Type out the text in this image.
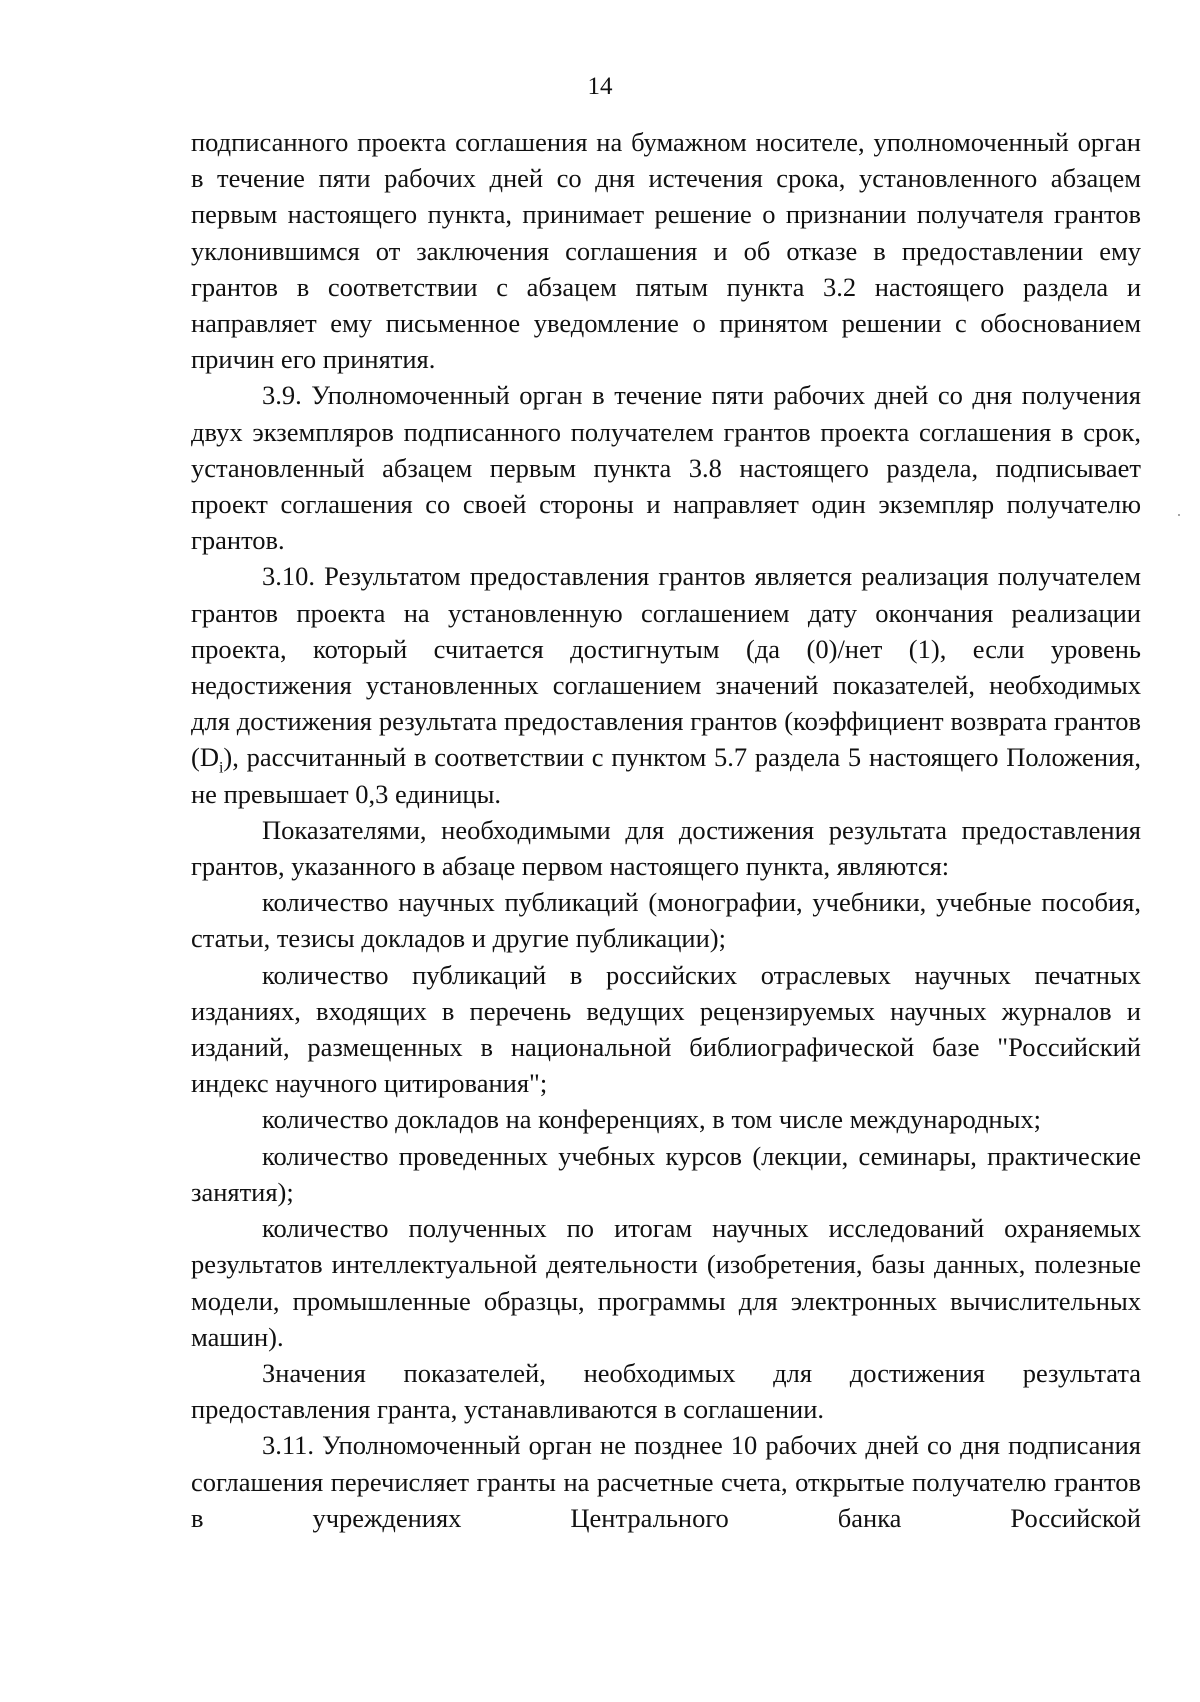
14

подписанного проекта соглашения на бумажном носителе, уполномоченный орган в течение пяти рабочих дней со дня истечения срока, установленного абзацем первым настоящего пункта, принимает решение о признании получателя грантов уклонившимся от заключения соглашения и об отказе в предоставлении ему грантов в соответствии с абзацем пятым пункта 3.2 настоящего раздела и направляет ему письменное уведомление о принятом решении с обоснованием причин его принятия.

3.9. Уполномоченный орган в течение пяти рабочих дней со дня получения двух экземпляров подписанного получателем грантов проекта соглашения в срок, установленный абзацем первым пункта 3.8 настоящего раздела, подписывает проект соглашения со своей стороны и направляет один экземпляр получателю грантов.

3.10. Результатом предоставления грантов является реализация получателем грантов проекта на установленную соглашением дату окончания реализации проекта, который считается достигнутым (да (0)/нет (1), если уровень недостижения установленных соглашением значений показателей, необходимых для достижения результата предоставления грантов (коэффициент возврата грантов $(D_i)$, рассчитанный в соответствии с пунктом 5.7 раздела 5 настоящего Положения, не превышает 0,3 единицы.

Показателями, необходимыми для достижения результата предоставления грантов, указанного в абзаце первом настоящего пункта, являются:

количество научных публикаций (монографии, учебники, учебные пособия, статьи, тезисы докладов и другие публикации);

количество публикаций в российских отраслевых научных печатных изданиях, входящих в перечень ведущих рецензируемых научных журналов и изданий, размещенных в национальной библиографической базе "Российский индекс научного цитирования";

количество докладов на конференциях, в том числе международных;

количество проведенных учебных курсов (лекции, семинары, практические занятия);

количество полученных по итогам научных исследований охраняемых результатов интеллектуальной деятельности (изобретения, базы данных, полезные модели, промышленные образцы, программы для электронных вычислительных машин).

Значения показателей, необходимых для достижения результата предоставления гранта, устанавливаются в соглашении.

3.11. Уполномоченный орган не позднее 10 рабочих дней со дня подписания соглашения перечисляет гранты на расчетные счета, открытые получателю грантов в учреждениях Центрального банка Российской
